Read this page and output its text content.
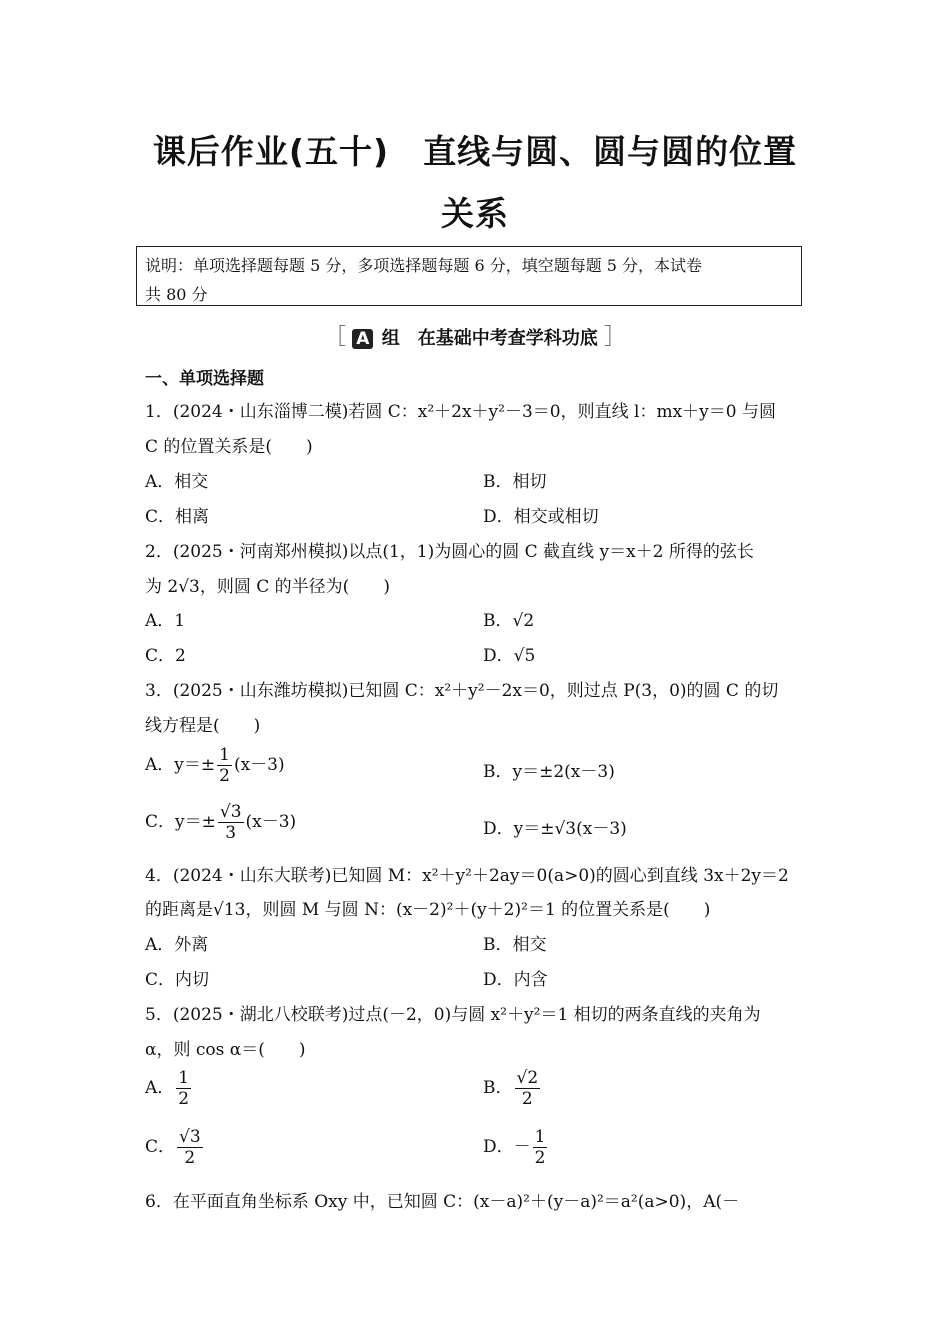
课后作业(五十)　直线与圆、圆与圆的位置
关系
说明：单项选择题每题 5 分，多项选择题每题 6 分，填空题每题 5 分，本试卷
共 80 分
［ A 组　在基础中考查学科功底 ］
一、单项选择题
1．(2024・山东淄博二模)若圆 C：x²＋2x＋y²－3＝0，则直线 l：mx＋y＝0 与圆
C 的位置关系是(　　)
A．相交	B．相切
C．相离	D．相交或相切
2．(2025・河南郑州模拟)以点(1，1)为圆心的圆 C 截直线 y＝x＋2 所得的弦长
为 2√3，则圆 C 的半径为(　　)
A．1	B．√2
C．2	D．√5
3．(2025・山东潍坊模拟)已知圆 C：x²＋y²－2x＝0，则过点 P(3，0)的圆 C 的切
线方程是(　　)
A．$y=\pm \frac{1}{2} (x-3)$	B．y＝±2(x－3)
C．$y=\pm \frac{√3}{3} (x-3)$	D．y＝±√3(x－3)
4．(2024・山东大联考)已知圆 M：x²＋y²＋2ay＝0(a>0)的圆心到直线 3x＋2y＝2
的距离是√13，则圆 M 与圆 N：(x－2)²＋(y＋2)²＝1 的位置关系是(　　)
A．外离	B．相交
C．内切	D．内含
5．(2025・湖北八校联考)过点(－2，0)与圆 x²＋y²＝1 相切的两条直线的夹角为
α，则 cos α＝(　　)
A． $\frac{1}{2}$	B． $\frac{√2}{2}$
C． $\frac{√3}{2}$	D．－ $\frac{1}{2}$
6．在平面直角坐标系 Oxy 中，已知圆 C：(x－a)²＋(y－a)²＝a²(a>0)，A(－
